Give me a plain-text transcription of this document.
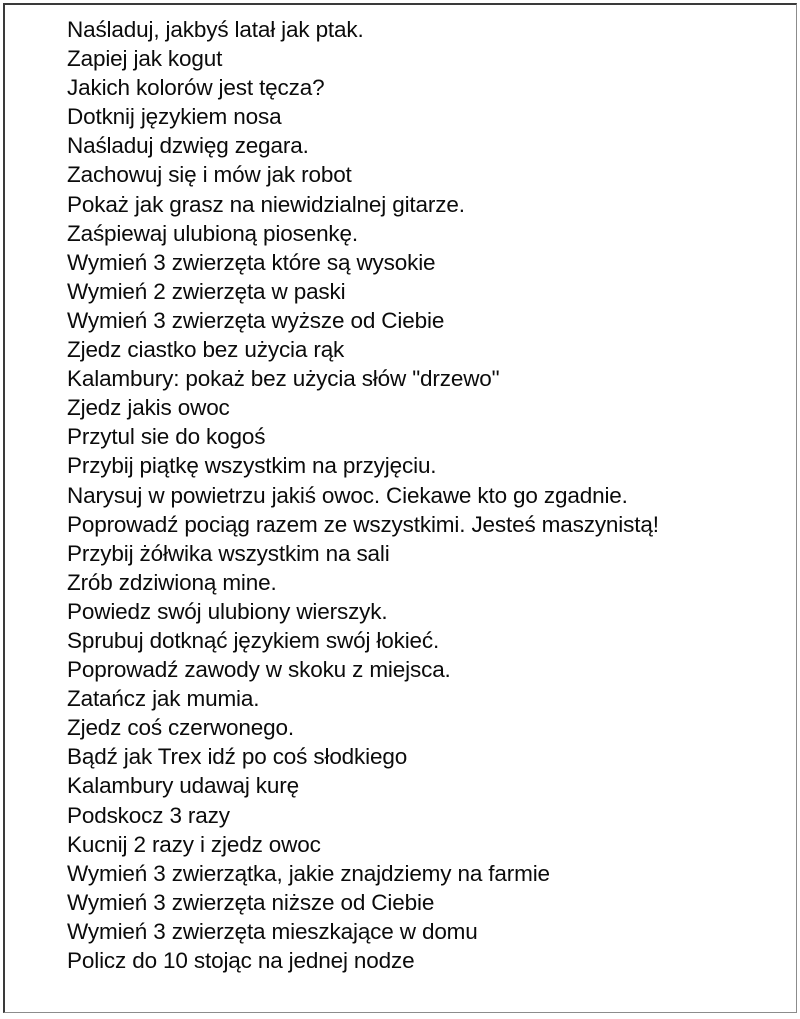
Naśladuj, jakbyś latał jak ptak.
Zapiej jak kogut
Jakich kolorów jest tęcza?
Dotknij językiem nosa
Naśladuj dzwięg zegara.
Zachowuj się i mów jak robot
Pokaż jak grasz na niewidzialnej gitarze.
Zaśpiewaj ulubioną piosenkę.
Wymień 3 zwierzęta które są wysokie
Wymień 2 zwierzęta w paski
Wymień 3 zwierzęta wyższe od Ciebie
Zjedz ciastko bez użycia rąk
Kalambury: pokaż bez użycia słów "drzewo"
Zjedz jakis owoc
Przytul sie do kogoś
Przybij piątkę wszystkim na przyjęciu.
Narysuj w powietrzu jakiś owoc. Ciekawe kto go zgadnie.
Poprowadź pociąg razem ze wszystkimi. Jesteś maszynistą!
Przybij żółwika wszystkim na sali
Zrób zdziwioną mine.
Powiedz swój ulubiony wierszyk.
Sprubuj dotknąć językiem swój łokieć.
Poprowadź zawody w skoku z miejsca.
Zatańcz jak mumia.
Zjedz coś czerwonego.
Bądź jak Trex idź po coś słodkiego
Kalambury udawaj kurę
Podskocz 3 razy
Kucnij 2 razy i zjedz owoc
Wymień 3 zwierzątka, jakie znajdziemy na farmie
Wymień 3 zwierzęta niższe od Ciebie
Wymień 3 zwierzęta mieszkające w domu
Policz do 10 stojąc na jednej nodze
